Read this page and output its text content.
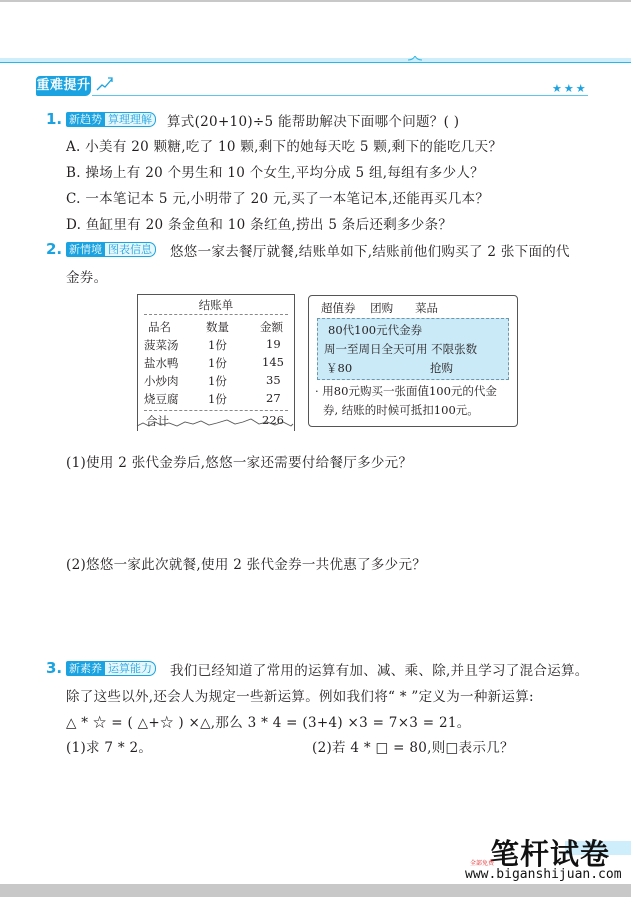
重难提升	★★★
1. 新趋势 算理理解 算式(20+10)÷5 能帮助解决下面哪个问题？( )
A. 小美有 20 颗糖,吃了 10 颗,剩下的她每天吃 5 颗,剩下的能吃几天？
B. 操场上有 20 个男生和 10 个女生,平均分成 5 组,每组有多少人？
C. 一本笔记本 5 元,小明带了 20 元,买了一本笔记本,还能再买几本？
D. 鱼缸里有 20 条金鱼和 10 条红鱼,捞出 5 条后还剩多少条？
2. 新情境 图表信息 悠悠一家去餐厅就餐,结账单如下,结账前他们购买了 2 张下面的代
金券。
结账单
品名	数量	金额
菠菜汤	1份	19
盐水鸭	1份	145
小炒肉	1份	35
烧豆腐	1份	27
合计	226
超值券 团购 菜品
80代100元代金券
周一至周日全天可用 不限张数
￥80	抢购
· 用80元购买一张面值100元的代金
券, 结账的时候可抵扣100元。
(1)使用 2 张代金券后,悠悠一家还需要付给餐厅多少元？
(2)悠悠一家此次就餐,使用 2 张代金券一共优惠了多少元？
3. 新素养 运算能力 我们已经知道了常用的运算有加、减、乘、除,并且学习了混合运算。
除了这些以外,还会人为规定一些新运算。例如我们将“ * ”定义为一种新运算:
△ * ☆ = ( △+☆ ) ×△,那么 3 * 4 = (3+4) ×3 = 7×3 = 21。
(1)求 7 * 2。	(2)若 4 * □ = 80,则□表示几？
笔杆试卷
全部免费
www.biganshijuan.com
